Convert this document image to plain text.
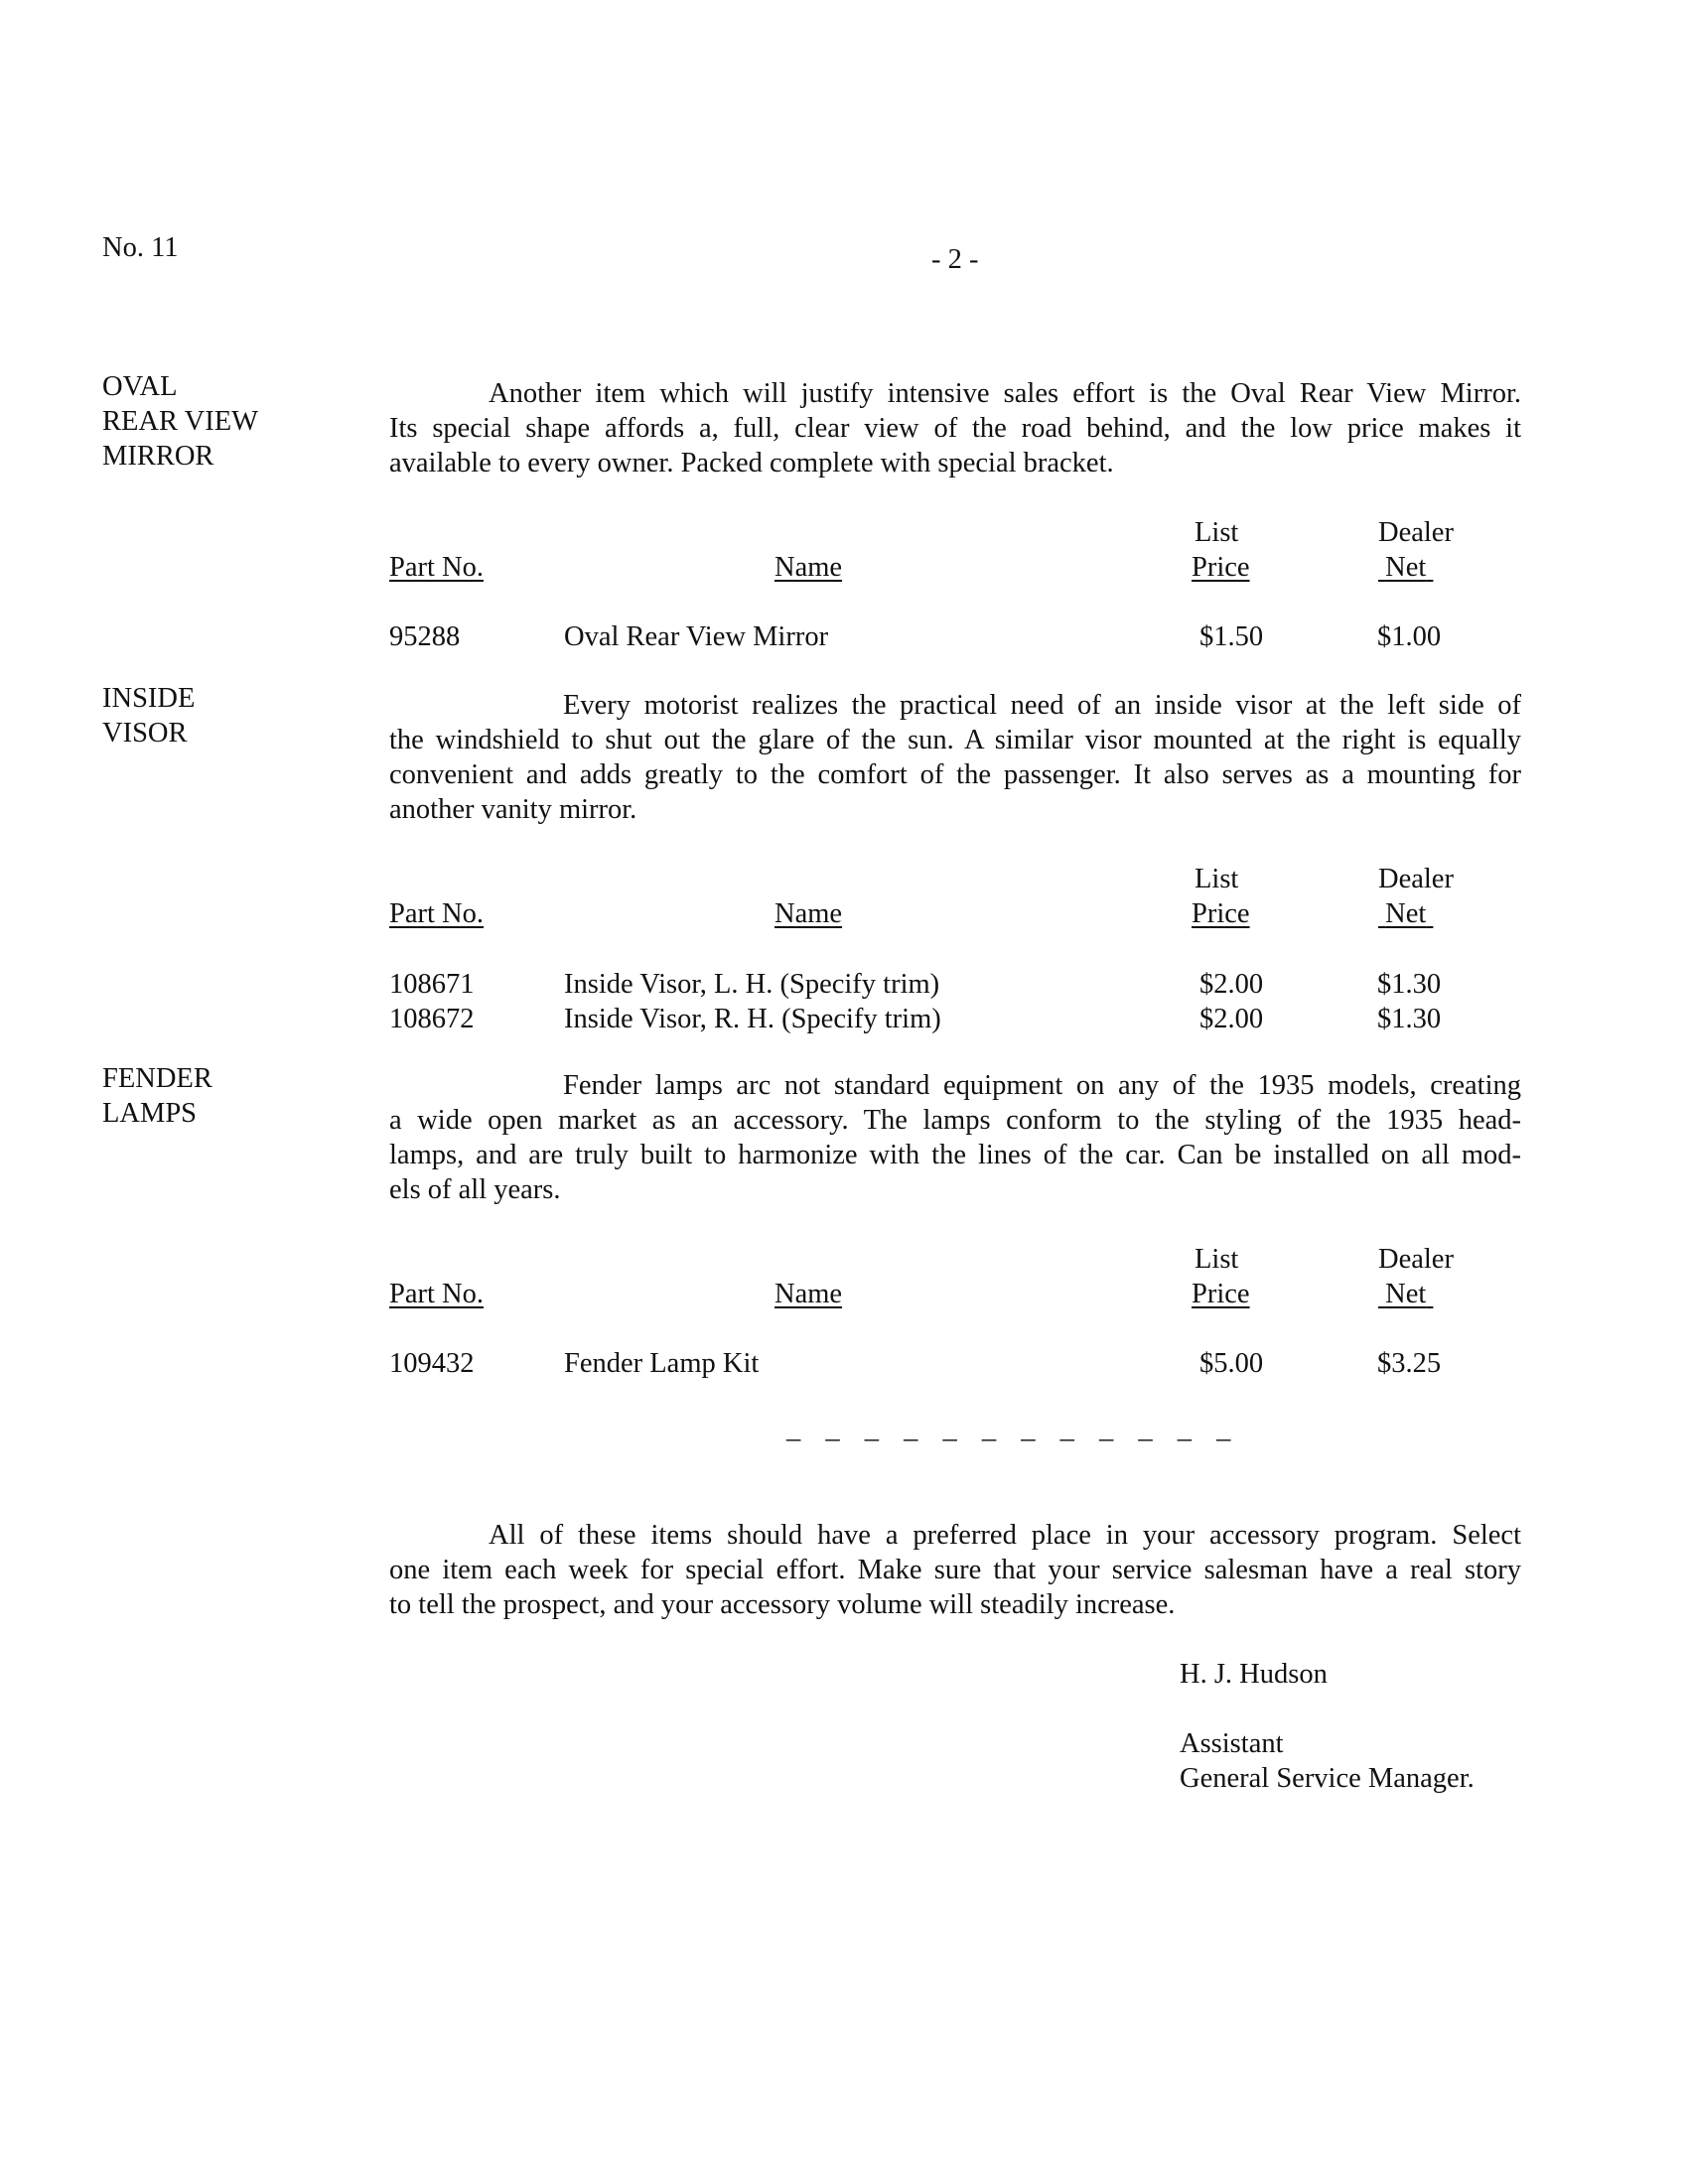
No. 11	- 2 -
OVAL
REAR VIEW
MIRROR
Another item which will justify intensive sales effort is the Oval Rear View Mirror.
Its special shape affords a, full, clear view of the road behind, and the low price makes it
available to every owner. Packed complete with special bracket.
List	Dealer
Part No.	Name	Price	Net
95288	Oval Rear View Mirror	$1.50	$1.00
INSIDE
VISOR
Every motorist realizes the practical need of an inside visor at the left side of
the windshield to shut out the glare of the sun. A similar visor mounted at the right is equally
convenient and adds greatly to the comfort of the passenger. It also serves as a mounting for
another vanity mirror.
List	Dealer
Part No.	Name	Price	Net
108671	Inside Visor, L. H. (Specify trim)	$2.00	$1.30
108672	Inside Visor, R. H. (Specify trim)	$2.00	$1.30
FENDER
LAMPS
Fender lamps arc not standard equipment on any of the 1935 models, creating
a wide open market as an accessory. The lamps conform to the styling of the 1935 head-
lamps, and are truly built to harmonize with the lines of the car. Can be installed on all mod-
els of all years.
List	Dealer
Part No.	Name	Price	Net
109432	Fender Lamp Kit	$5.00	$3.25
_ _ _ _ _ _ _ _ _ _ _ _
All of these items should have a preferred place in your accessory program. Select
one item each week for special effort. Make sure that your service salesman have a real story
to tell the prospect, and your accessory volume will steadily increase.
H. J. Hudson
Assistant
General Service Manager.
